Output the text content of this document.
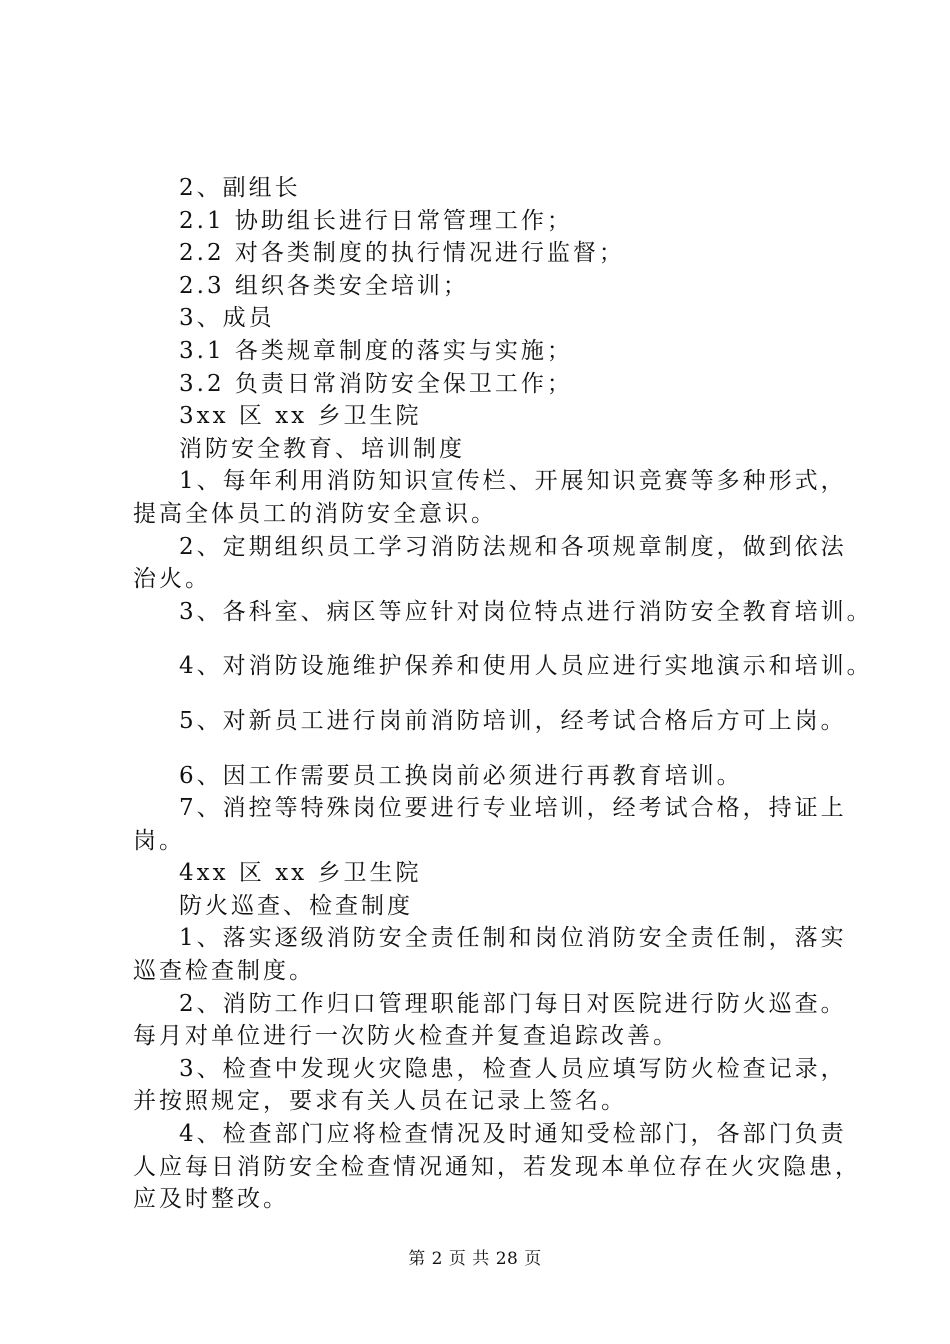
2、副组长
2.1 协助组长进行日常管理工作；
2.2 对各类制度的执行情况进行监督；
2.3 组织各类安全培训；
3、成员
3.1 各类规章制度的落实与实施；
3.2 负责日常消防安全保卫工作；
3xx 区 xx 乡卫生院
消防安全教育、培训制度
1、每年利用消防知识宣传栏、开展知识竞赛等多种形式，
提高全体员工的消防安全意识。
2、定期组织员工学习消防法规和各项规章制度，做到依法
治火。
3、各科室、病区等应针对岗位特点进行消防安全教育培训。
4、对消防设施维护保养和使用人员应进行实地演示和培训。
5、对新员工进行岗前消防培训，经考试合格后方可上岗。
6、因工作需要员工换岗前必须进行再教育培训。
7、消控等特殊岗位要进行专业培训，经考试合格，持证上
岗。
4xx 区 xx 乡卫生院
防火巡查、检查制度
1、落实逐级消防安全责任制和岗位消防安全责任制，落实
巡查检查制度。
2、消防工作归口管理职能部门每日对医院进行防火巡查。
每月对单位进行一次防火检查并复查追踪改善。
3、检查中发现火灾隐患，检查人员应填写防火检查记录，
并按照规定，要求有关人员在记录上签名。
4、检查部门应将检查情况及时通知受检部门，各部门负责
人应每日消防安全检查情况通知，若发现本单位存在火灾隐患，
应及时整改。
第 2 页 共 28 页
